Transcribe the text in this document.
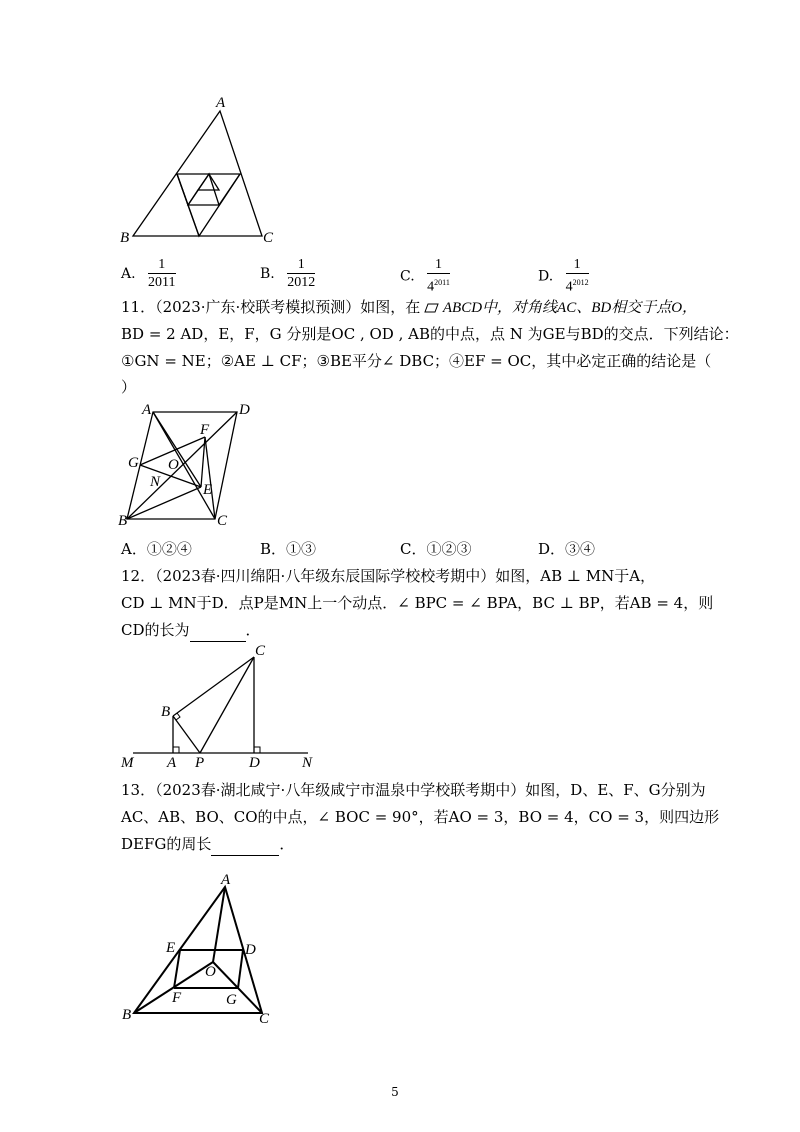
A
B	C
A. $\frac{1}{2011}$	B. $\frac{1}{2012}$	C. $\frac{1}{4^{2011}}$	D. $\frac{1}{4^{2012}}$
11．（2023·广东·校联考模拟预测）如图，在 ABCD中，对角线AC、BD相交于点O，
BD = 2 AD，E，F，G 分别是OC , OD , AB的中点，点 N 为GE与BD的交点．下列结论：
①GN = NE；②AE ⊥ CF；③BE平分∠ DBC；④EF = OC，其中必定正确的结论是（
）
A	D
F
G O
N	E
B	C
A．①②④	B．①③	C．①②③	D．③④
12．（2023春·四川绵阳·八年级东辰国际学校校考期中）如图，AB ⊥ MN于A，
CD ⊥ MN于D．点P是MN上一个动点．∠ BPC = ∠ BPA，BC ⊥ BP，若AB = 4，则
CD的长为	．
C
B
M A P	D	N
13．（2023春·湖北咸宁·八年级咸宁市温泉中学校联考期中）如图，D、E、F、G分别为
AC、AB、BO、CO的中点，∠ BOC = 90°，若AO = 3，BO = 4，CO = 3，则四边形
DEFG的周长	．
A
E	D
O
F	G
B	C
5
